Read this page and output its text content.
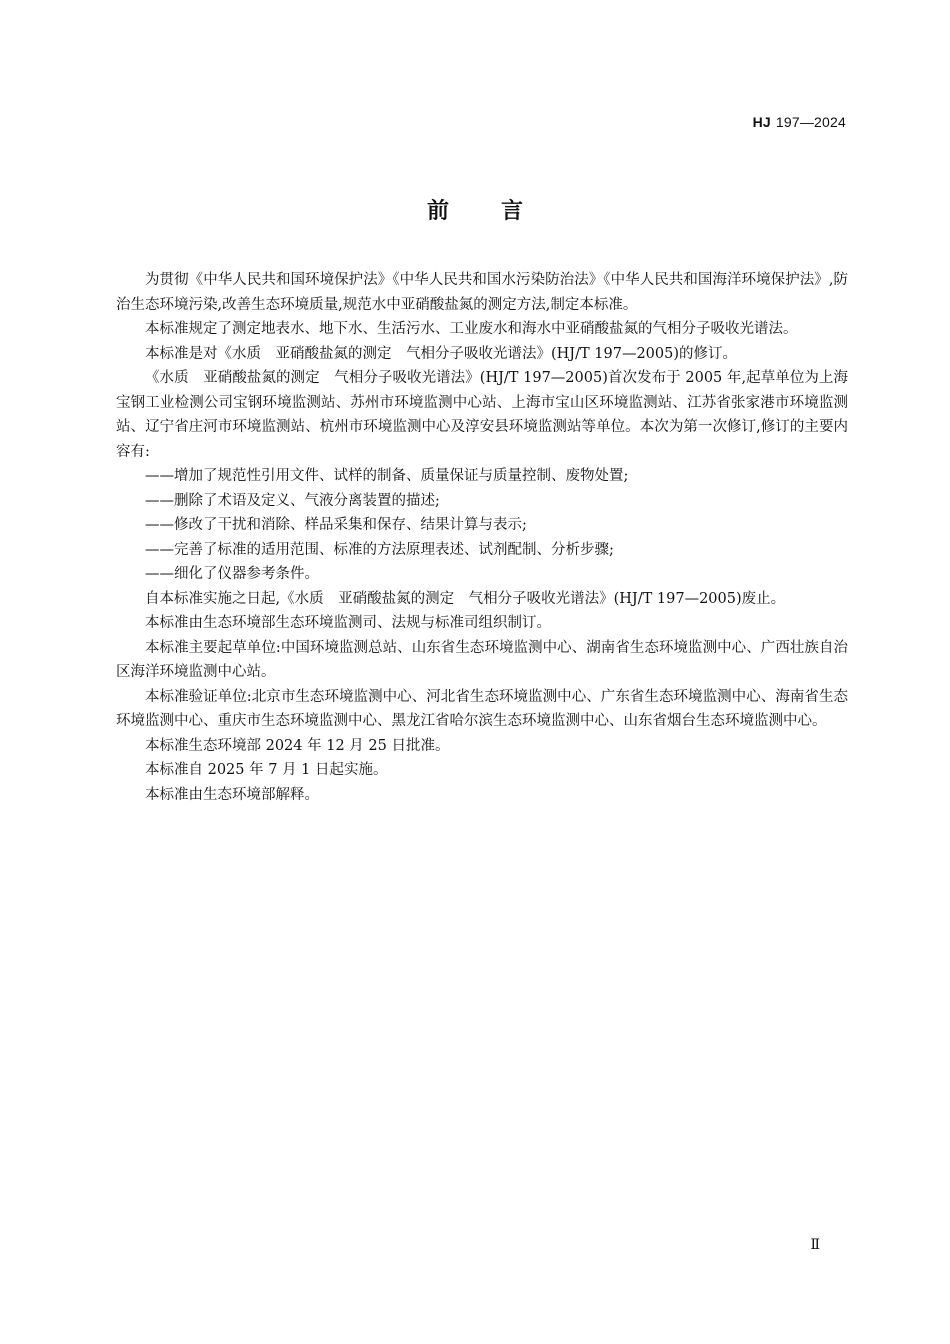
HJ 197—2024
前言

为贯彻《中华人民共和国环境保护法》《中华人民共和国水污染防治法》《中华人民共和国海洋环境保护法》,防治生态环境污染,改善生态环境质量,规范水中亚硝酸盐氮的测定方法,制定本标准。

本标准规定了测定地表水、地下水、生活污水、工业废水和海水中亚硝酸盐氮的气相分子吸收光谱法。

本标准是对《水质　亚硝酸盐氮的测定　气相分子吸收光谱法》(HJ/T 197—2005)的修订。

《水质　亚硝酸盐氮的测定　气相分子吸收光谱法》(HJ/T 197—2005)首次发布于 2005 年,起草单位为上海宝钢工业检测公司宝钢环境监测站、苏州市环境监测中心站、上海市宝山区环境监测站、江苏省张家港市环境监测站、辽宁省庄河市环境监测站、杭州市环境监测中心及淳安县环境监测站等单位。本次为第一次修订,修订的主要内容有:

——增加了规范性引用文件、试样的制备、质量保证与质量控制、废物处置;

——删除了术语及定义、气液分离装置的描述;

——修改了干扰和消除、样品采集和保存、结果计算与表示;

——完善了标准的适用范围、标准的方法原理表述、试剂配制、分析步骤;

——细化了仪器参考条件。

自本标准实施之日起,《水质　亚硝酸盐氮的测定　气相分子吸收光谱法》(HJ/T 197—2005)废止。

本标准由生态环境部生态环境监测司、法规与标准司组织制订。

本标准主要起草单位:中国环境监测总站、山东省生态环境监测中心、湖南省生态环境监测中心、广西壮族自治区海洋环境监测中心站。

本标准验证单位:北京市生态环境监测中心、河北省生态环境监测中心、广东省生态环境监测中心、海南省生态环境监测中心、重庆市生态环境监测中心、黑龙江省哈尔滨生态环境监测中心、山东省烟台生态环境监测中心。

本标准生态环境部 2024 年 12 月 25 日批准。

本标准自 2025 年 7 月 1 日起实施。

本标准由生态环境部解释。

Ⅱ
